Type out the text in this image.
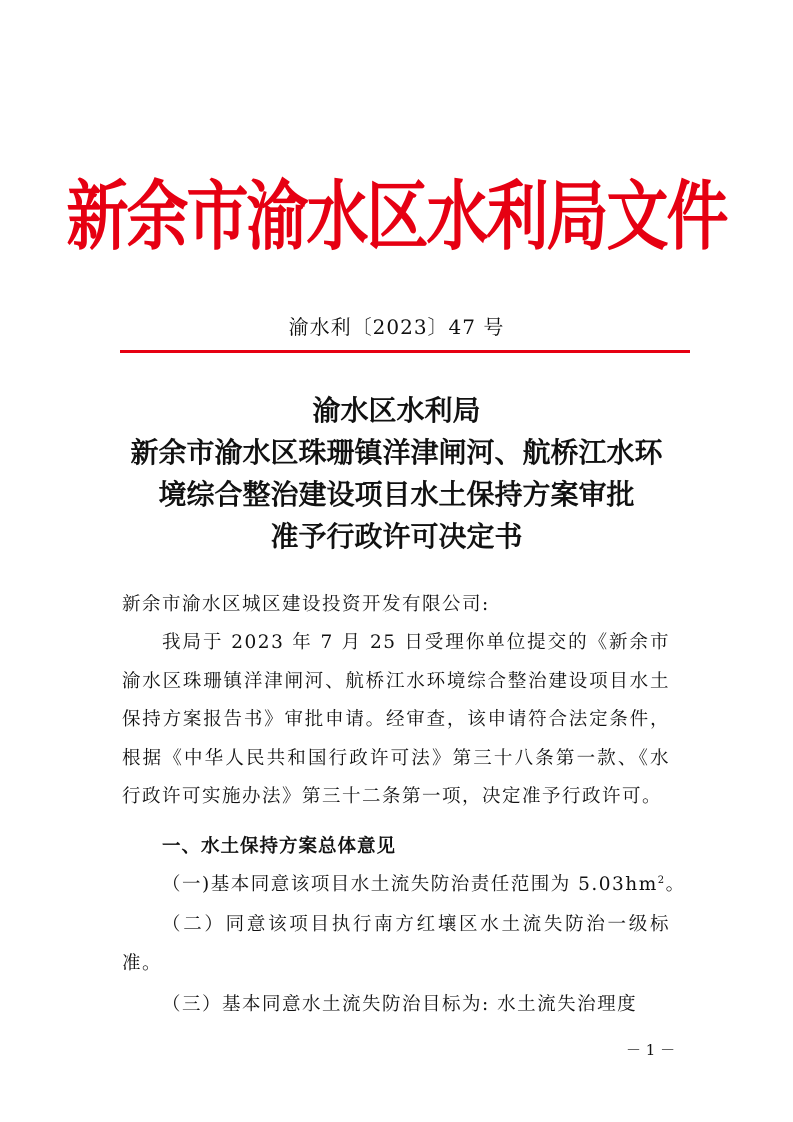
新余市渝水区水利局文件
渝水利〔2023〕47 号
渝水区水利局
新余市渝水区珠珊镇洋津闸河、航桥江水环
境综合整治建设项目水土保持方案审批
准予行政许可决定书
新余市渝水区城区建设投资开发有限公司:
我局于 2023 年 7 月 25 日受理你单位提交的《新余市渝水区珠珊镇洋津闸河、航桥江水环境综合整治建设项目水土保持方案报告书》审批申请。经审查，该申请符合法定条件，根据《中华人民共和国行政许可法》第三十八条第一款、《水行政许可实施办法》第三十二条第一项，决定准予行政许可。
一、水土保持方案总体意见
（一)基本同意该项目水土流失防治责任范围为 $5.03hm^2$。
（二）同意该项目执行南方红壤区水土流失防治一级标准。
（三）基本同意水土流失防治目标为: 水土流失治理度
－ 1 －
